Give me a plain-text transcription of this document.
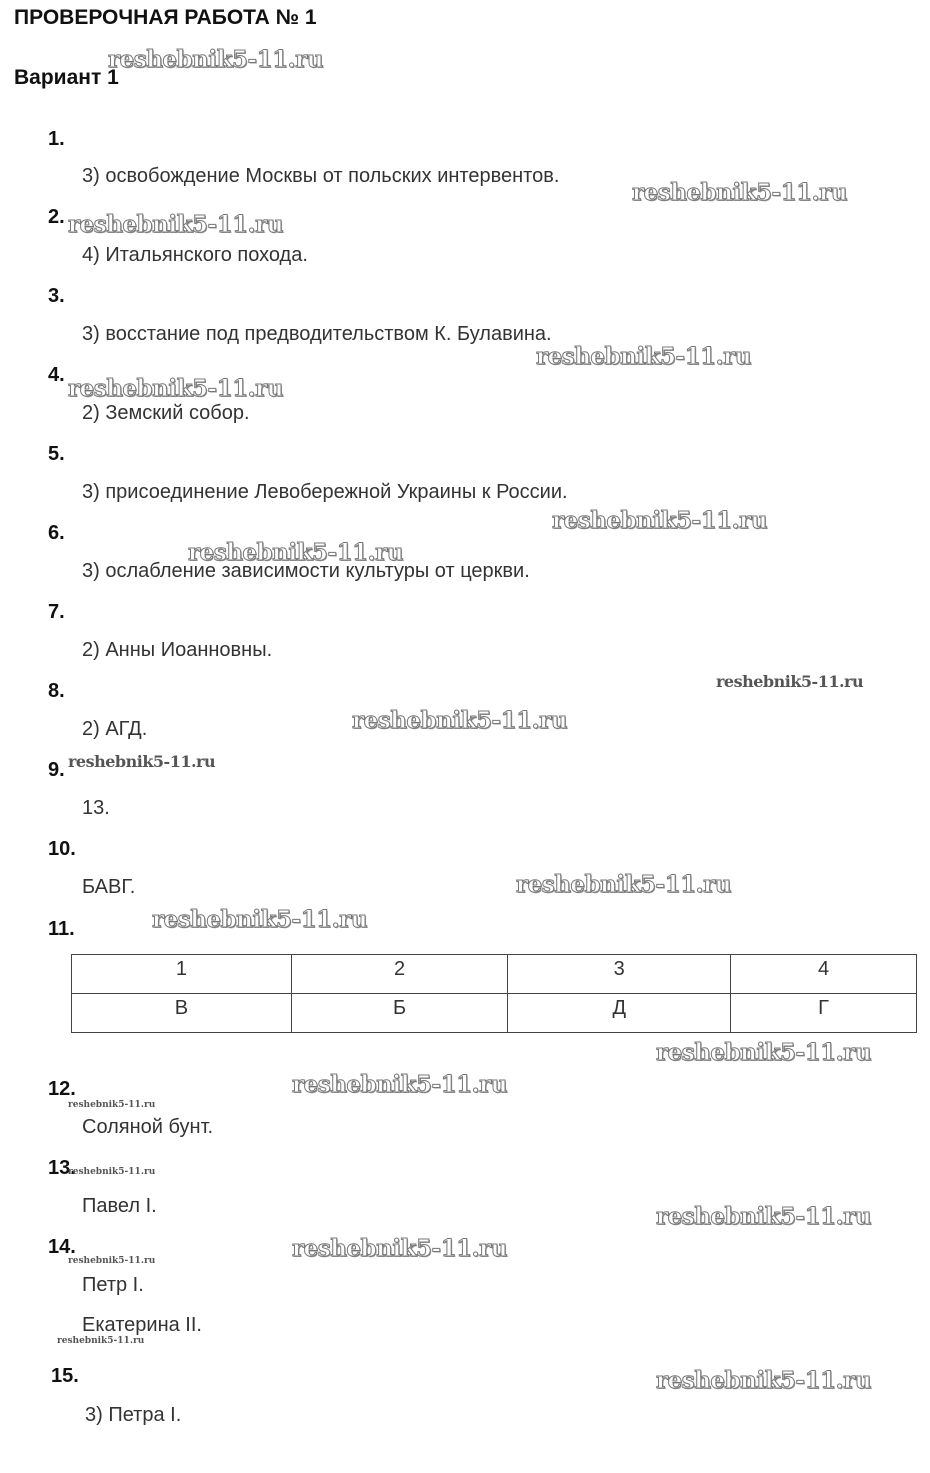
ПРОВЕРОЧНАЯ РАБОТА № 1
Вариант 1
1.
2.
3.
4.
5.
6.
7.
8.
9.
10.
11.
12.
13.
14.
15.
3) освобождение Москвы от польских интервентов.
4) Итальянского похода.
3) восстание под предводительством К. Булавина.
2) Земский собор.
3) присоединение Левобережной Украины к России.
3) ослабление зависимости культуры от церкви.
2) Анны Иоанновны.
2) АГД.
13.
БАВГ.
Соляной бунт.
Павел I.
Петр I.
Екатерина II.
3) Петра I.
1	2	3	4
В	Б	Д	Г
reshebnik5-11.ru
reshebnik5-11.ru
reshebnik5-11.ru
reshebnik5-11.ru
reshebnik5-11.ru
reshebnik5-11.ru
reshebnik5-11.ru
reshebnik5-11.ru
reshebnik5-11.ru
reshebnik5-11.ru
reshebnik5-11.ru
reshebnik5-11.ru
reshebnik5-11.ru
reshebnik5-11.ru
reshebnik5-11.ru
reshebnik5-11.ru
reshebnik5-11.ru
reshebnik5-11.ru
reshebnik5-11.ru
reshebnik5-11.ru
reshebnik5-11.ru
